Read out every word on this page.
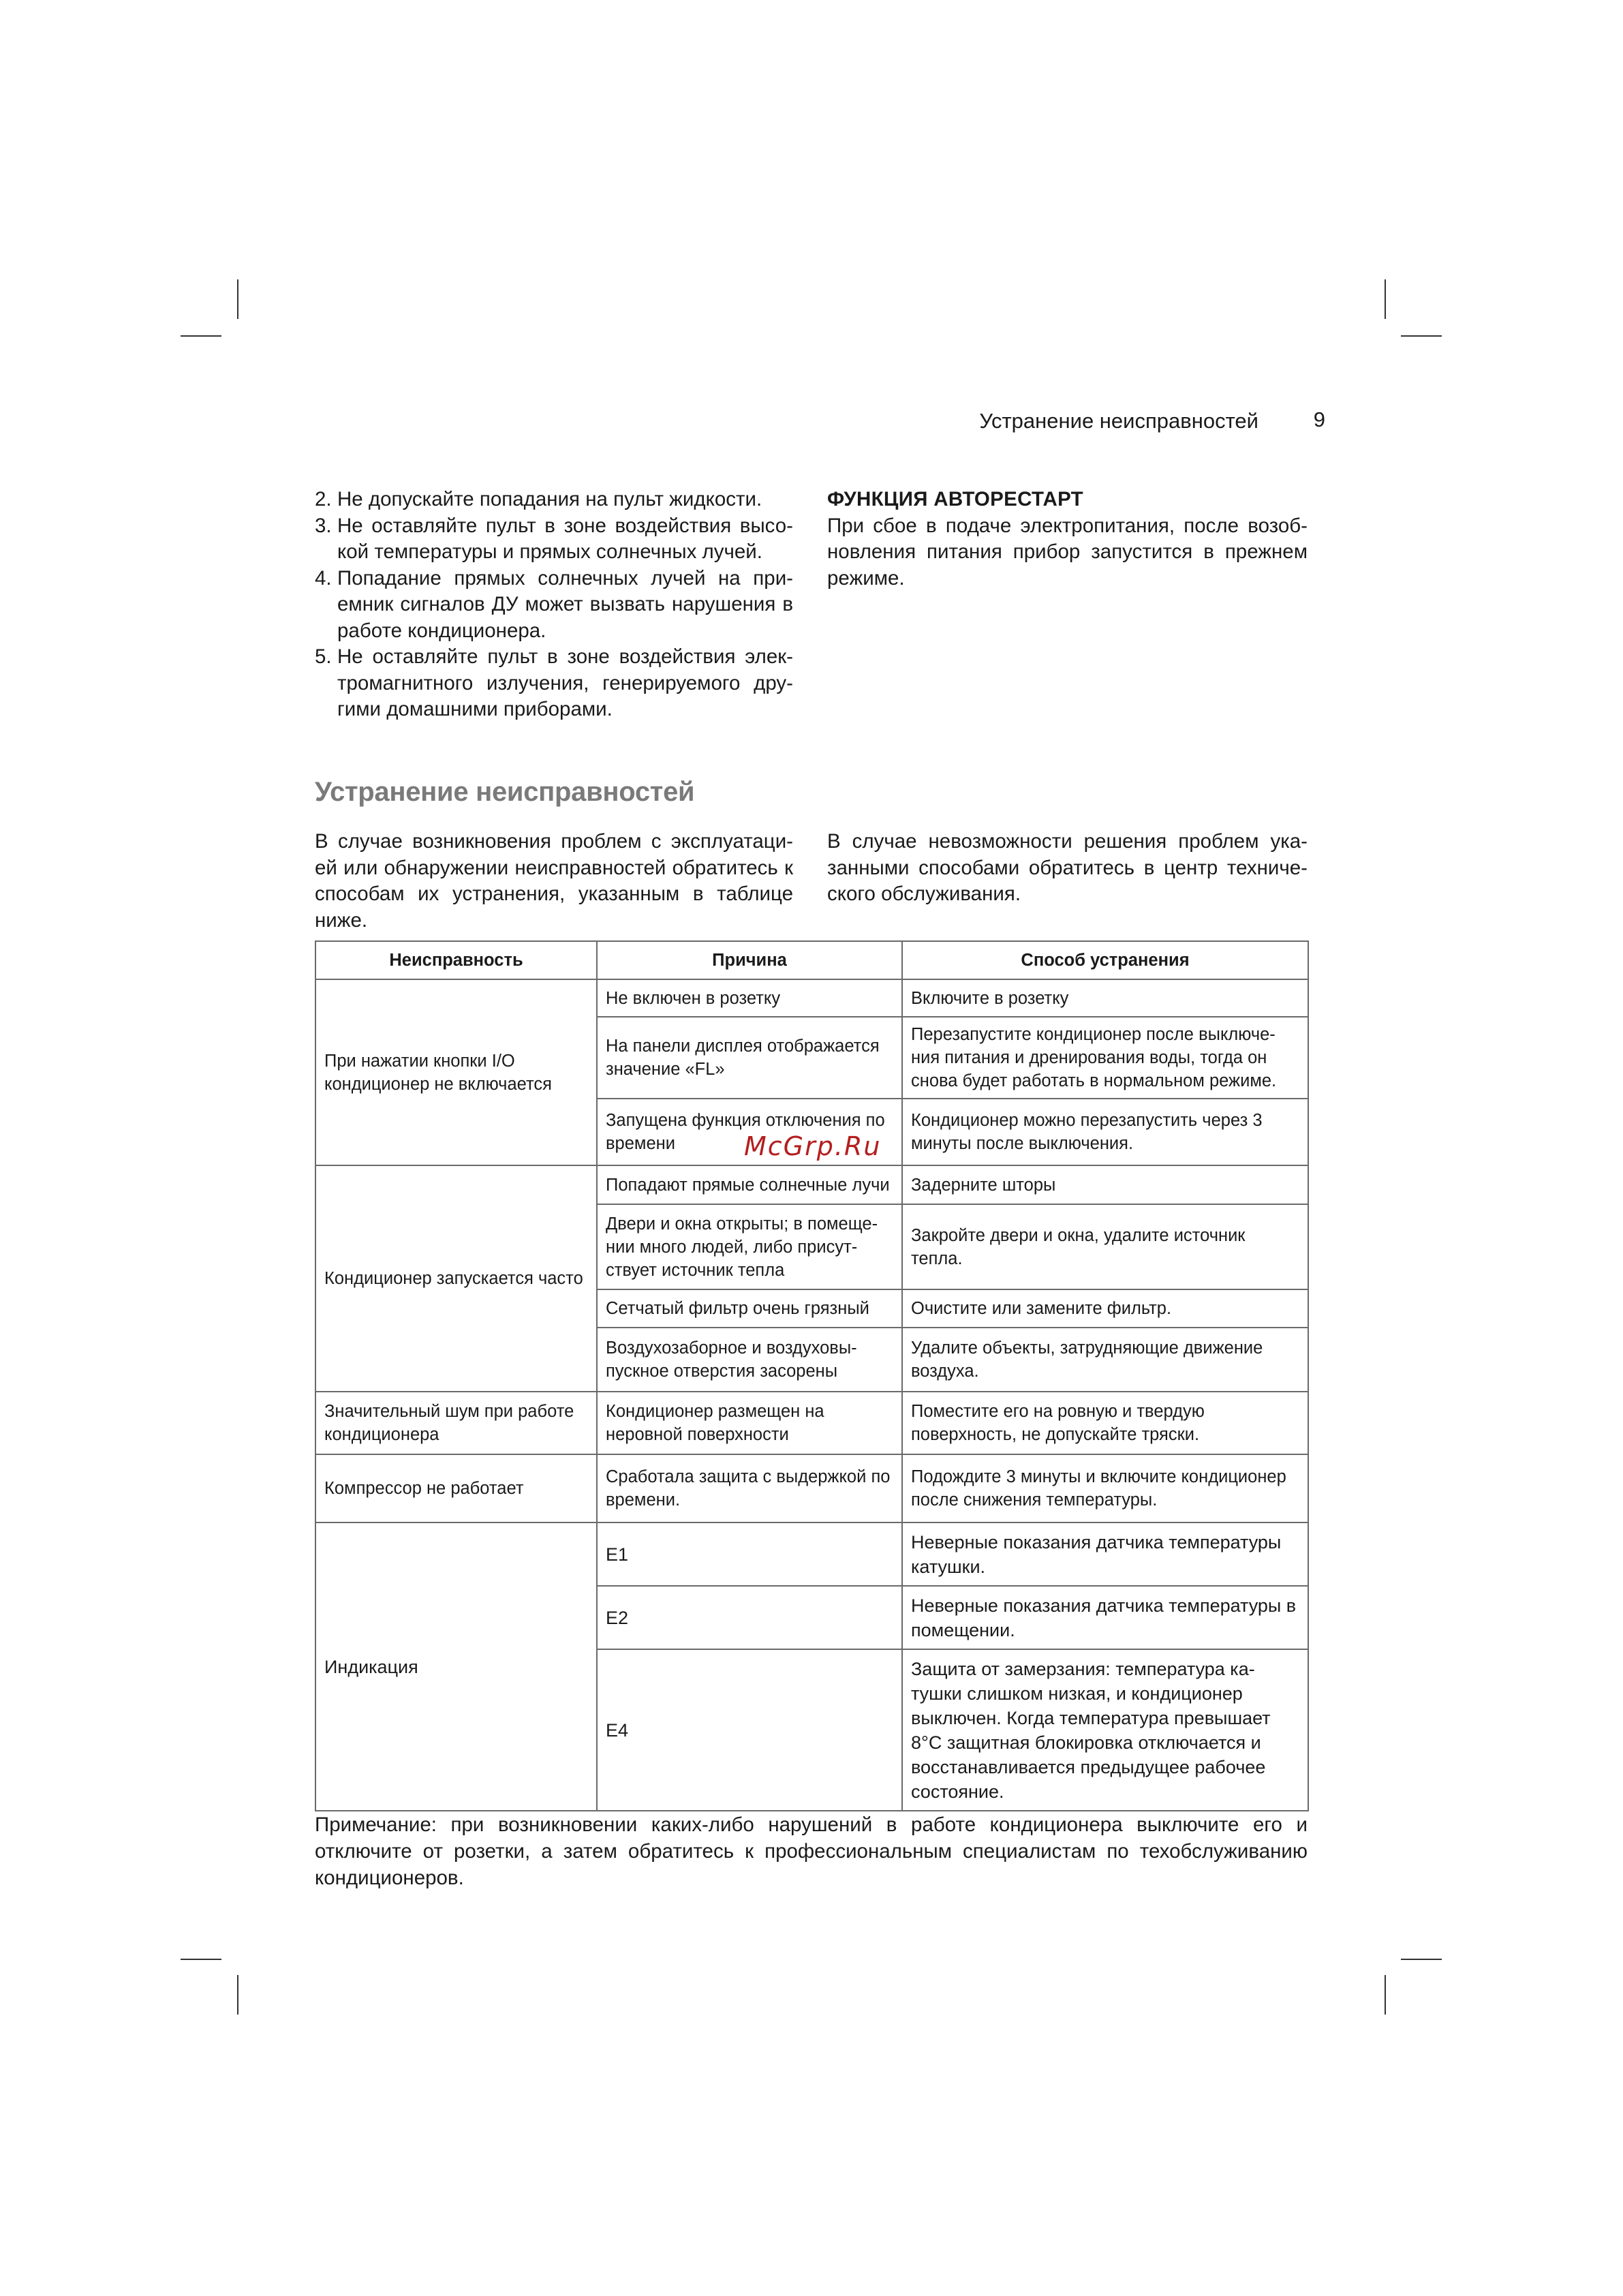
Устранение неисправностей	9
2. Не допускайте попадания на пульт жидкости.
3. Не оставляйте пульт в зоне воздействия высо-кой температуры и прямых солнечных лучей.
4. Попадание прямых солнечных лучей на при-емник сигналов ДУ может вызвать нарушения в работе кондиционера.
5. Не оставляйте пульт в зоне воздействия элек-тромагнитного излучения, генерируемого дру-гими домашними приборами.

ФУНКЦИЯ АВТОРЕСТАРТ

При сбое в подаче электропитания, после возоб-новления питания прибор запустится в прежнем режиме.

Устранение неисправностей

В случае возникновения проблем с эксплуатаци-ей или обнаружении неисправностей обратитесь к способам их устранения, указанным в таблице ниже.

В случае невозможности решения проблем ука-занными способами обратитесь в центр техниче-ского обслуживания.

Неисправность	Причина	Способ устранения
При нажатии кнопки I/O кондиционер не включается	Не включен в розетку	Включите в розетку
	На панели дисплея отображается значение «FL»	Перезапустите кондиционер после выключе-ния питания и дренирования воды, тогда он снова будет работать в нормальном режиме.
	Запущена функция отключения по времени	Кондиционер можно перезапустить через 3 минуты после выключения.
Кондиционер запускается часто	Попадают прямые солнечные лучи	Задерните шторы
	Двери и окна открыты; в помеще-нии много людей, либо присут-ствует источник тепла	Закройте двери и окна, удалите источник тепла.
	Сетчатый фильтр очень грязный	Очистите или замените фильтр.
	Воздухозаборное и воздуховы-пускное отверстия засорены	Удалите объекты, затрудняющие движение воздуха.
Значительный шум при работе кондиционера	Кондиционер размещен на неровной поверхности	Поместите его на ровную и твердую поверхность, не допускайте тряски.
Компрессор не работает	Сработала защита с выдержкой по времени.	Подождите 3 минуты и включите кондиционер после снижения температуры.
Индикация	E1	Неверные показания датчика температуры катушки.
	E2	Неверные показания датчика температуры в помещении.
	E4	Защита от замерзания: температура ка-тушки слишком низкая, и кондиционер выключен. Когда температура превышает 8°С защитная блокировка отключается и восстанавливается предыдущее рабочее состояние.
McGrp.Ru

Примечание: при возникновении каких-либо нарушений в работе кондиционера выключите его и отключите от розетки, а затем обратитесь к профессиональным специалистам по техобслуживанию кондиционеров.
